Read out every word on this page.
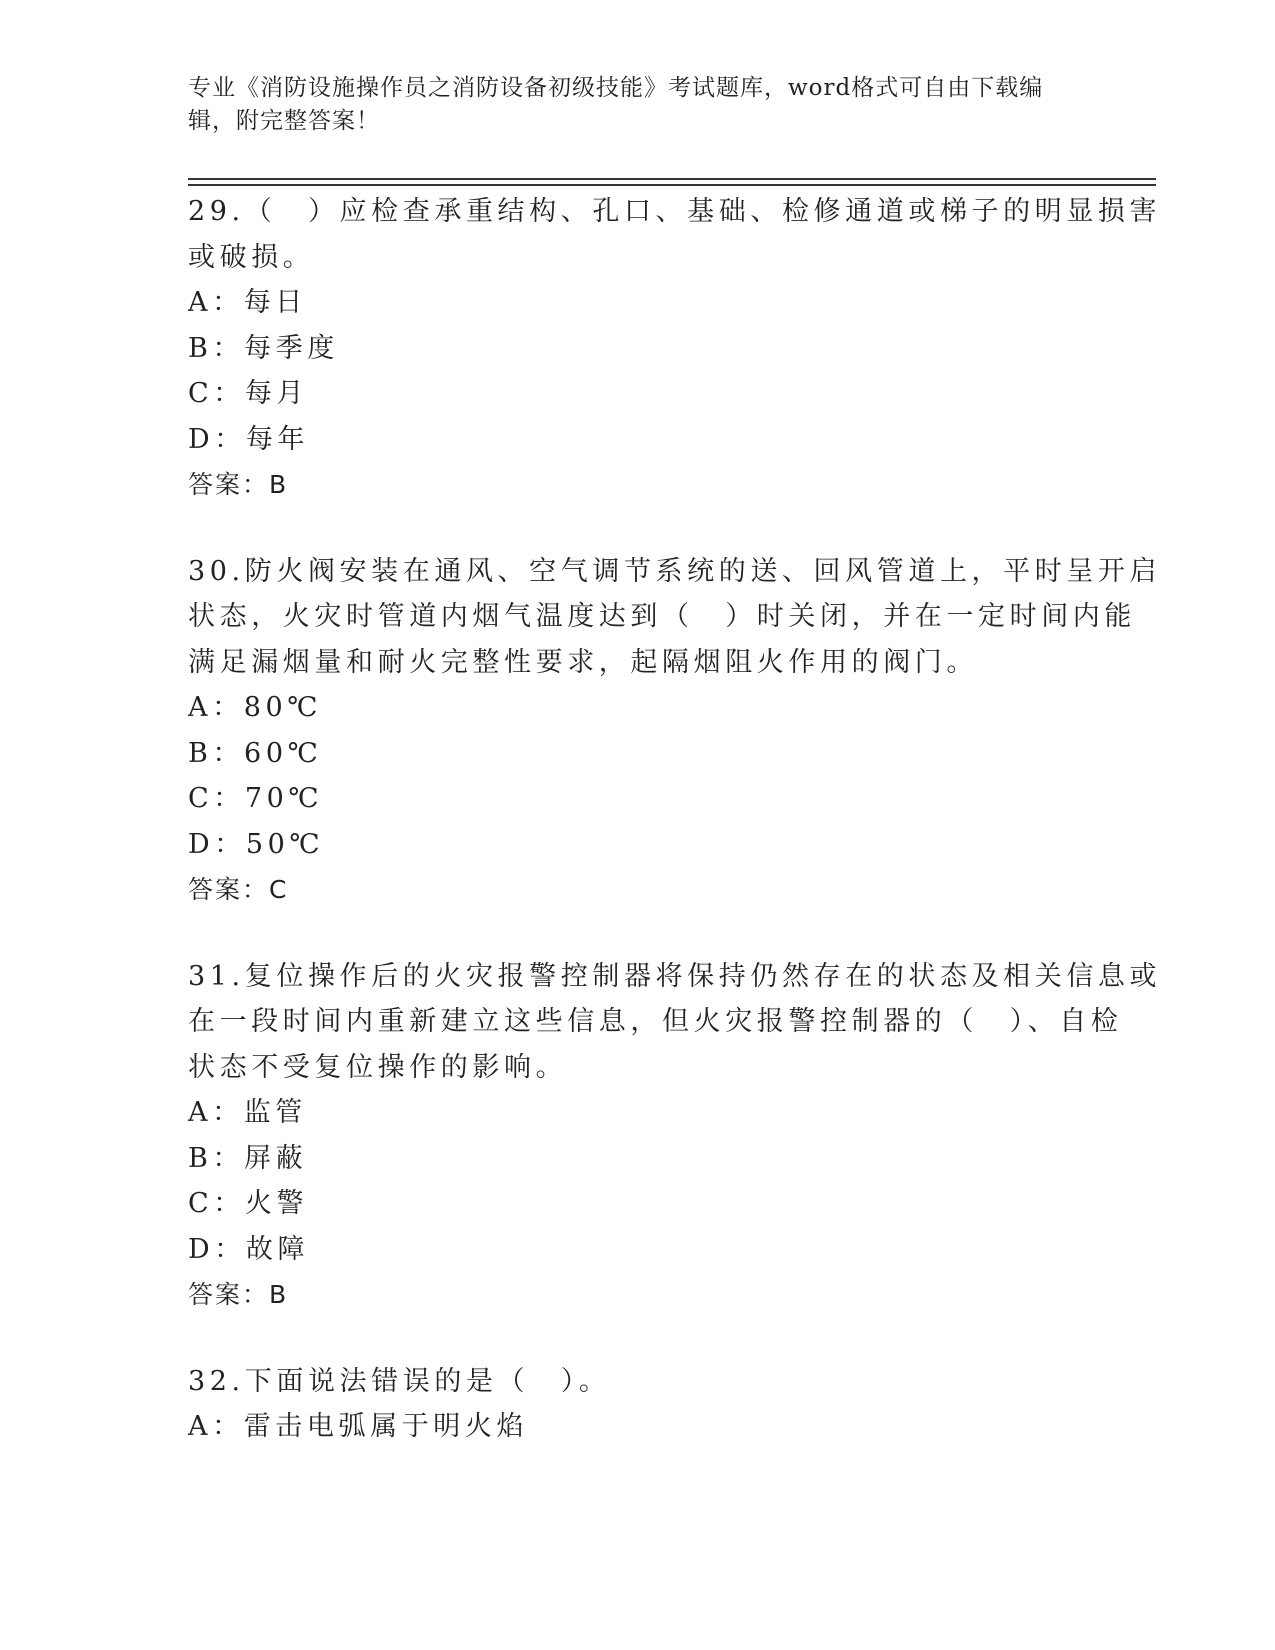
专业《消防设施操作员之消防设备初级技能》考试题库，word格式可自由下载编
辑，附完整答案！
29.（　）应检查承重结构、孔口、基础、检修通道或梯子的明显损害
或破损。
A：每日
B：每季度
C：每月
D：每年
答案：B
30.防火阀安装在通风、空气调节系统的送、回风管道上，平时呈开启
状态，火灾时管道内烟气温度达到（　）时关闭，并在一定时间内能
满足漏烟量和耐火完整性要求，起隔烟阻火作用的阀门。
A：80℃
B：60℃
C：70℃
D：50℃
答案：C
31.复位操作后的火灾报警控制器将保持仍然存在的状态及相关信息或
在一段时间内重新建立这些信息，但火灾报警控制器的（　）、自检
状态不受复位操作的影响。
A：监管
B：屏蔽
C：火警
D：故障
答案：B
32.下面说法错误的是（　）。
A：雷击电弧属于明火焰
